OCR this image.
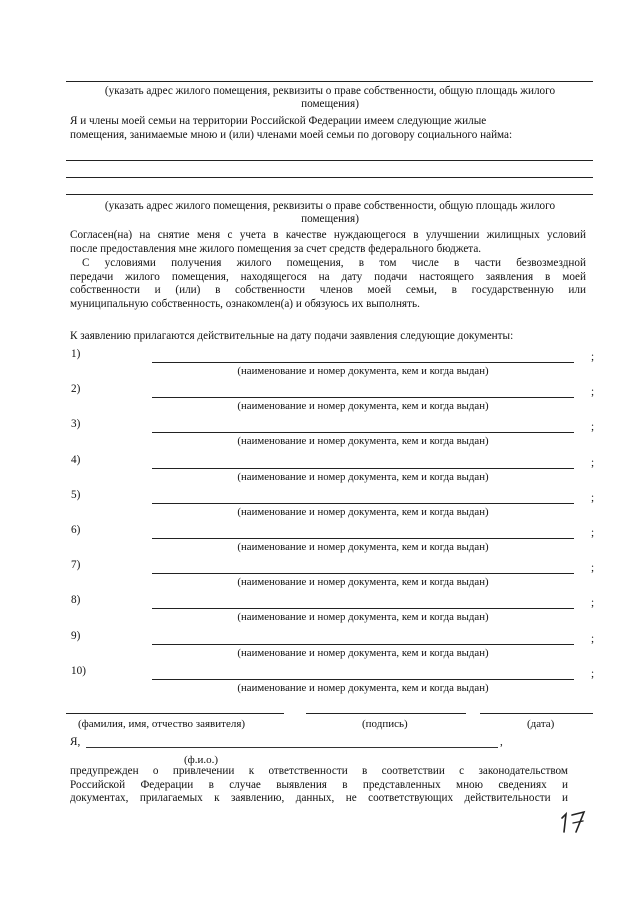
(указать адрес жилого помещения, реквизиты о праве собственности, общую площадь жилого
помещения)
Я и члены моей семьи на территории Российской Федерации имеем следующие жилые
помещения, занимаемые мною и (или) членами моей семьи по договору социального найма:
(указать адрес жилого помещения, реквизиты о праве собственности, общую площадь жилого
помещения)
Согласен(на) на снятие меня с учета в качестве нуждающегося в улучшении жилищных условий
после предоставления мне жилого помещения за счет средств федерального бюджета.
С условиями получения жилого помещения, в том числе в части безвозмездной
передачи жилого помещения, находящегося на дату подачи настоящего заявления в моей
собственности и (или) в собственности членов моей семьи, в государственную или
муниципальную собственность, ознакомлен(а) и обязуюсь их выполнять.
К заявлению прилагаются действительные на дату подачи заявления следующие документы:
1)	;
(наименование и номер документа, кем и когда выдан)
2)	;
(наименование и номер документа, кем и когда выдан)
3)	;
(наименование и номер документа, кем и когда выдан)
4)	;
(наименование и номер документа, кем и когда выдан)
5)	;
(наименование и номер документа, кем и когда выдан)
6)	;
(наименование и номер документа, кем и когда выдан)
7)	;
(наименование и номер документа, кем и когда выдан)
8)	;
(наименование и номер документа, кем и когда выдан)
9)	;
(наименование и номер документа, кем и когда выдан)
10)	;
(наименование и номер документа, кем и когда выдан)
(фамилия, имя, отчество заявителя)	(подпись)	(дата)
Я,	,
(ф.и.о.)
предупрежден о привлечении к ответственности в соответствии с законодательством
Российской Федерации в случае выявления в представленных мною сведениях и
документах, прилагаемых к заявлению, данных, не соответствующих действительности и
